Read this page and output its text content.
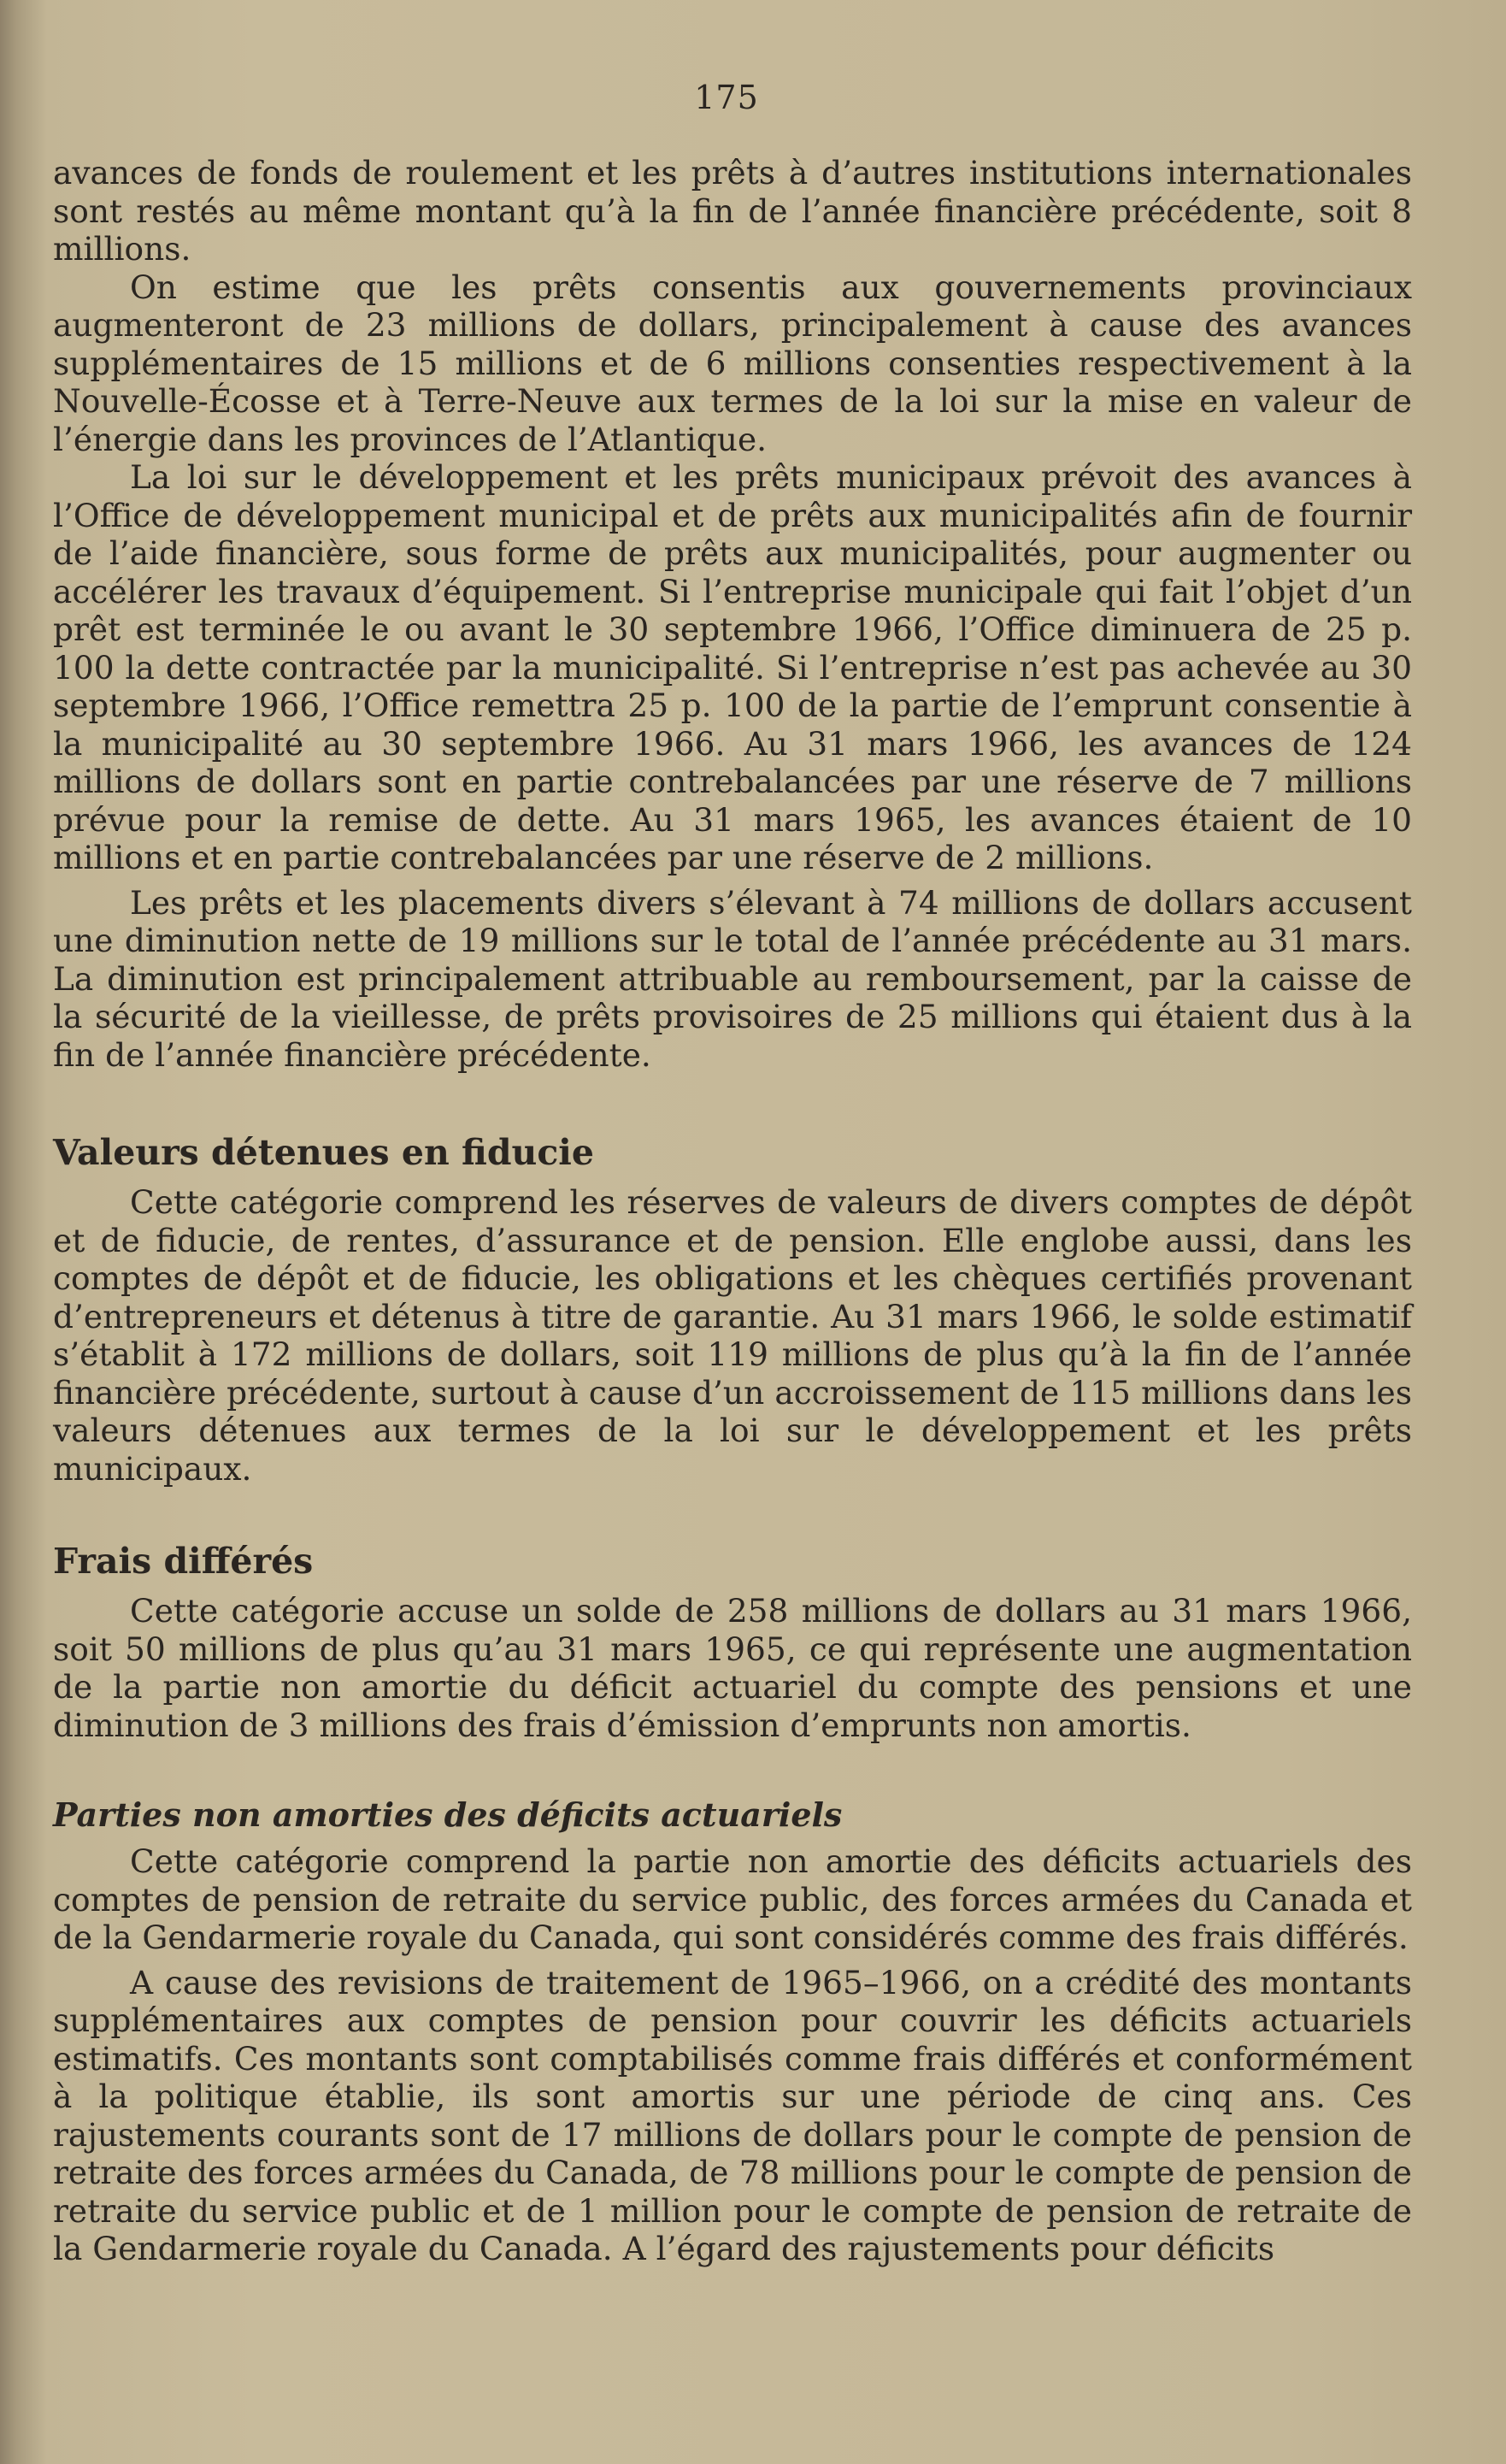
175

avances de fonds de roulement et les prêts à d’autres institutions internationales sont restés au même montant qu’à la fin de l’année financière précédente, soit 8 millions.

On estime que les prêts consentis aux gouvernements provinciaux augmenteront de 23 millions de dollars, principalement à cause des avances supplémentaires de 15 millions et de 6 millions consenties respectivement à la Nouvelle-Écosse et à Terre-Neuve aux termes de la loi sur la mise en valeur de l’énergie dans les provinces de l’Atlantique.

La loi sur le développement et les prêts municipaux prévoit des avances à l’Office de développement municipal et de prêts aux municipalités afin de fournir de l’aide financière, sous forme de prêts aux municipalités, pour augmenter ou accélérer les travaux d’équipement. Si l’entreprise municipale qui fait l’objet d’un prêt est terminée le ou avant le 30 septembre 1966, l’Office diminuera de 25 p. 100 la dette contractée par la municipalité. Si l’entreprise n’est pas achevée au 30 septembre 1966, l’Office remettra 25 p. 100 de la partie de l’emprunt consentie à la municipalité au 30 septembre 1966. Au 31 mars 1966, les avances de 124 millions de dollars sont en partie contrebalancées par une réserve de 7 millions prévue pour la remise de dette. Au 31 mars 1965, les avances étaient de 10 millions et en partie contrebalancées par une réserve de 2 millions.

Les prêts et les placements divers s’élevant à 74 millions de dollars accusent une diminution nette de 19 millions sur le total de l’année précédente au 31 mars. La diminution est principalement attribuable au remboursement, par la caisse de la sécurité de la vieillesse, de prêts provisoires de 25 millions qui étaient dus à la fin de l’année financière précédente.

Valeurs détenues en fiducie

Cette catégorie comprend les réserves de valeurs de divers comptes de dépôt et de fiducie, de rentes, d’assurance et de pension. Elle englobe aussi, dans les comptes de dépôt et de fiducie, les obligations et les chèques certifiés provenant d’entrepreneurs et détenus à titre de garantie. Au 31 mars 1966, le solde estimatif s’établit à 172 millions de dollars, soit 119 millions de plus qu’à la fin de l’année financière précédente, surtout à cause d’un accroissement de 115 millions dans les valeurs détenues aux termes de la loi sur le développement et les prêts municipaux.

Frais différés

Cette catégorie accuse un solde de 258 millions de dollars au 31 mars 1966, soit 50 millions de plus qu’au 31 mars 1965, ce qui représente une augmentation de la partie non amortie du déficit actuariel du compte des pensions et une diminution de 3 millions des frais d’émission d’emprunts non amortis.

Parties non amorties des déficits actuariels

Cette catégorie comprend la partie non amortie des déficits actuariels des comptes de pension de retraite du service public, des forces armées du Canada et de la Gendarmerie royale du Canada, qui sont considérés comme des frais différés.

A cause des revisions de traitement de 1965–1966, on a crédité des montants supplémentaires aux comptes de pension pour couvrir les déficits actuariels estimatifs. Ces montants sont comptabilisés comme frais différés et conformément à la politique établie, ils sont amortis sur une période de cinq ans. Ces rajustements courants sont de 17 millions de dollars pour le compte de pension de retraite des forces armées du Canada, de 78 millions pour le compte de pension de retraite du service public et de 1 million pour le compte de pension de retraite de la Gendarmerie royale du Canada. A l’égard des rajustements pour déficits
